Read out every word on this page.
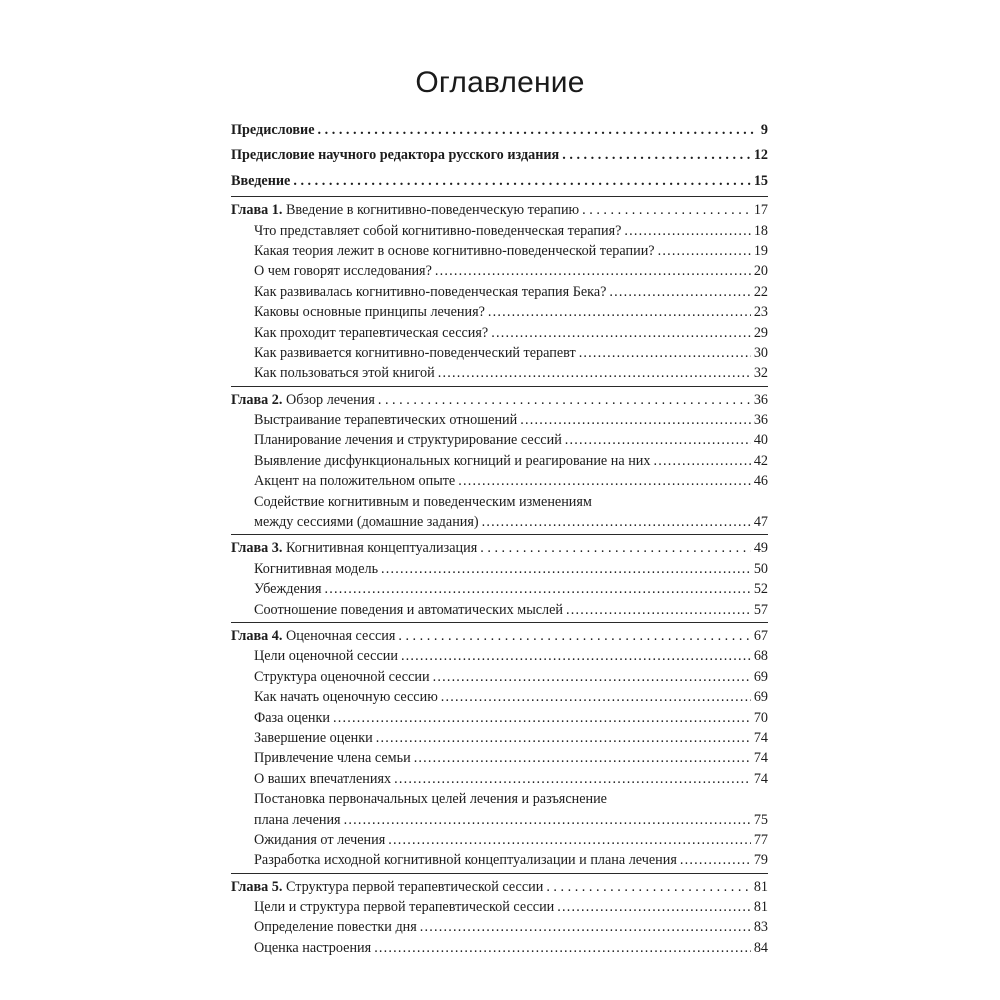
Оглавление
Предисловие . . .	9
Предисловие научного редактора русского издания . . .	12
Введение . . .	15
Глава 1. Введение в когнитивно-поведенческую терапию . . .	17
Что представляет собой когнитивно-поведенческая терапия? .....	18
Какая теория лежит в основе когнитивно-поведенческой терапии? .....	19
О чем говорят исследования? .....	20
Как развивалась когнитивно-поведенческая терапия Бека? .....	22
Каковы основные принципы лечения? .....	23
Как проходит терапевтическая сессия? .....	29
Как развивается когнитивно-поведенческий терапевт .....	30
Как пользоваться этой книгой .....	32
Глава 2. Обзор лечения . . .	36
Выстраивание терапевтических отношений .....	36
Планирование лечения и структурирование сессий .....	40
Выявление дисфункциональных когниций и реагирование на них .....	42
Акцент на положительном опыте .....	46
Содействие когнитивным и поведенческим изменениям
между сессиями (домашние задания) .....	47
Глава 3. Когнитивная концептуализация . . .	49
Когнитивная модель .....	50
Убеждения .....	52
Соотношение поведения и автоматических мыслей .....	57
Глава 4. Оценочная сессия . . .	67
Цели оценочной сессии .....	68
Структура оценочной сессии .....	69
Как начать оценочную сессию .....	69
Фаза оценки .....	70
Завершение оценки .....	74
Привлечение члена семьи .....	74
О ваших впечатлениях .....	74
Постановка первоначальных целей лечения и разъяснение
плана лечения .....	75
Ожидания от лечения .....	77
Разработка исходной когнитивной концептуализации и плана лечения .....	79
Глава 5. Структура первой терапевтической сессии . . .	81
Цели и структура первой терапевтической сессии .....	81
Определение повестки дня .....	83
Оценка настроения .....	84
